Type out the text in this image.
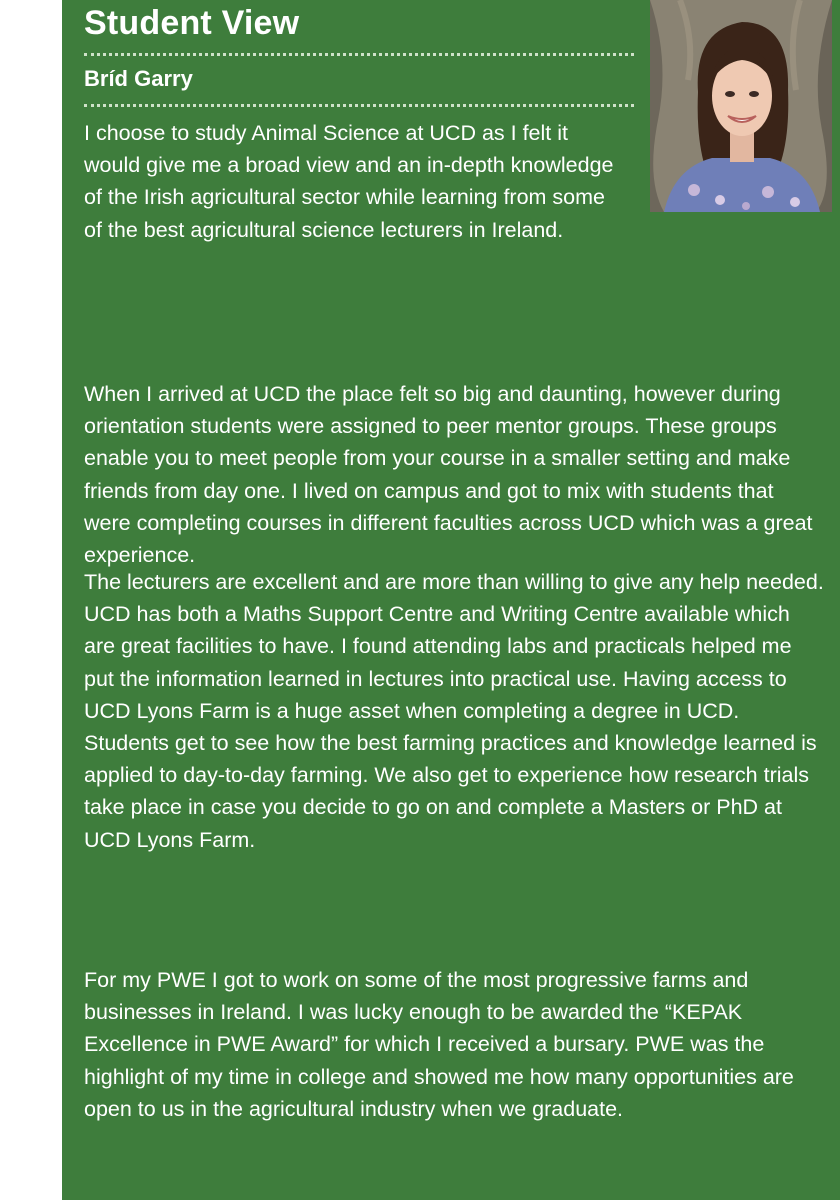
Student View
Bríd Garry

I choose to study Animal Science at UCD as I felt it would give me a broad view and an in-depth knowledge of the Irish agricultural sector while learning from some of the best agricultural science lecturers in Ireland.

When I arrived at UCD the place felt so big and daunting, however during orientation students were assigned to peer mentor groups. These groups enable you to meet people from your course in a smaller setting and make friends from day one. I lived on campus and got to mix with students that were completing courses in different faculties across UCD which was a great experience.

The lecturers are excellent and are more than willing to give any help needed. UCD has both a Maths Support Centre and Writing Centre available which are great facilities to have. I found attending labs and practicals helped me put the information learned in lectures into practical use. Having access to UCD Lyons Farm is a huge asset when completing a degree in UCD. Students get to see how the best farming practices and knowledge learned is applied to day-to-day farming. We also get to experience how research trials take place in case you decide to go on and complete a Masters or PhD at UCD Lyons Farm.

For my PWE I got to work on some of the most progressive farms and businesses in Ireland. I was lucky enough to be awarded the “KEPAK Excellence in PWE Award” for which I received a bursary. PWE was the highlight of my time in college and showed me how many opportunities are open to us in the agricultural industry when we graduate.
